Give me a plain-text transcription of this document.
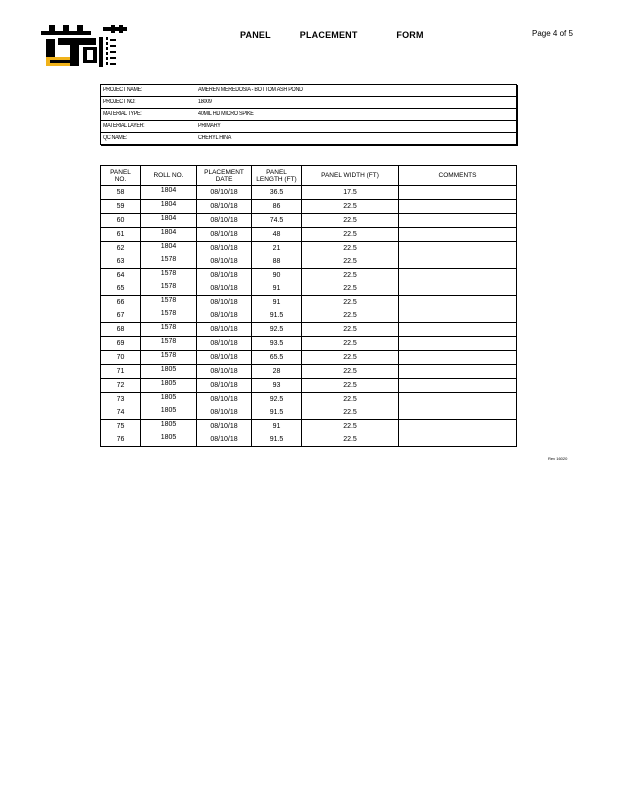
PANEL   PLACEMENT    FORM	Page 4 of 5
PROJECT NAME:	AMEREN MEREDOSIA - BOTTOM ASH POND
PROJECT NO:	18009
MATERIAL TYPE:	40MIL HD MICRO SPIKE
MATERIAL LAYER:	PRIMARY
QC NAME:	CHERYL HINA
PANEL NO.	ROLL NO.	PLACEMENT DATE	PANEL LENGTH (FT)	PANEL WIDTH (FT)	COMMENTS
58	1804	08/10/18	36.5	17.5	
59	1804	08/10/18	86	22.5	
60	1804	08/10/18	74.5	22.5	
61	1804	08/10/18	48	22.5	
62	1804	08/10/18	21	22.5	
63	1578	08/10/18	88	22.5	
64	1578	08/10/18	90	22.5	
65	1578	08/10/18	91	22.5	
66	1578	08/10/18	91	22.5	
67	1578	08/10/18	91.5	22.5	
68	1578	08/10/18	92.5	22.5	
69	1578	08/10/18	93.5	22.5	
70	1578	08/10/18	65.5	22.5	
71	1805	08/10/18	28	22.5	
72	1805	08/10/18	93	22.5	
73	1805	08/10/18	92.5	22.5	
74	1805	08/10/18	91.5	22.5	
75	1805	08/10/18	91	22.5	
76	1805	08/10/18	91.5	22.5	
Rev 16020
